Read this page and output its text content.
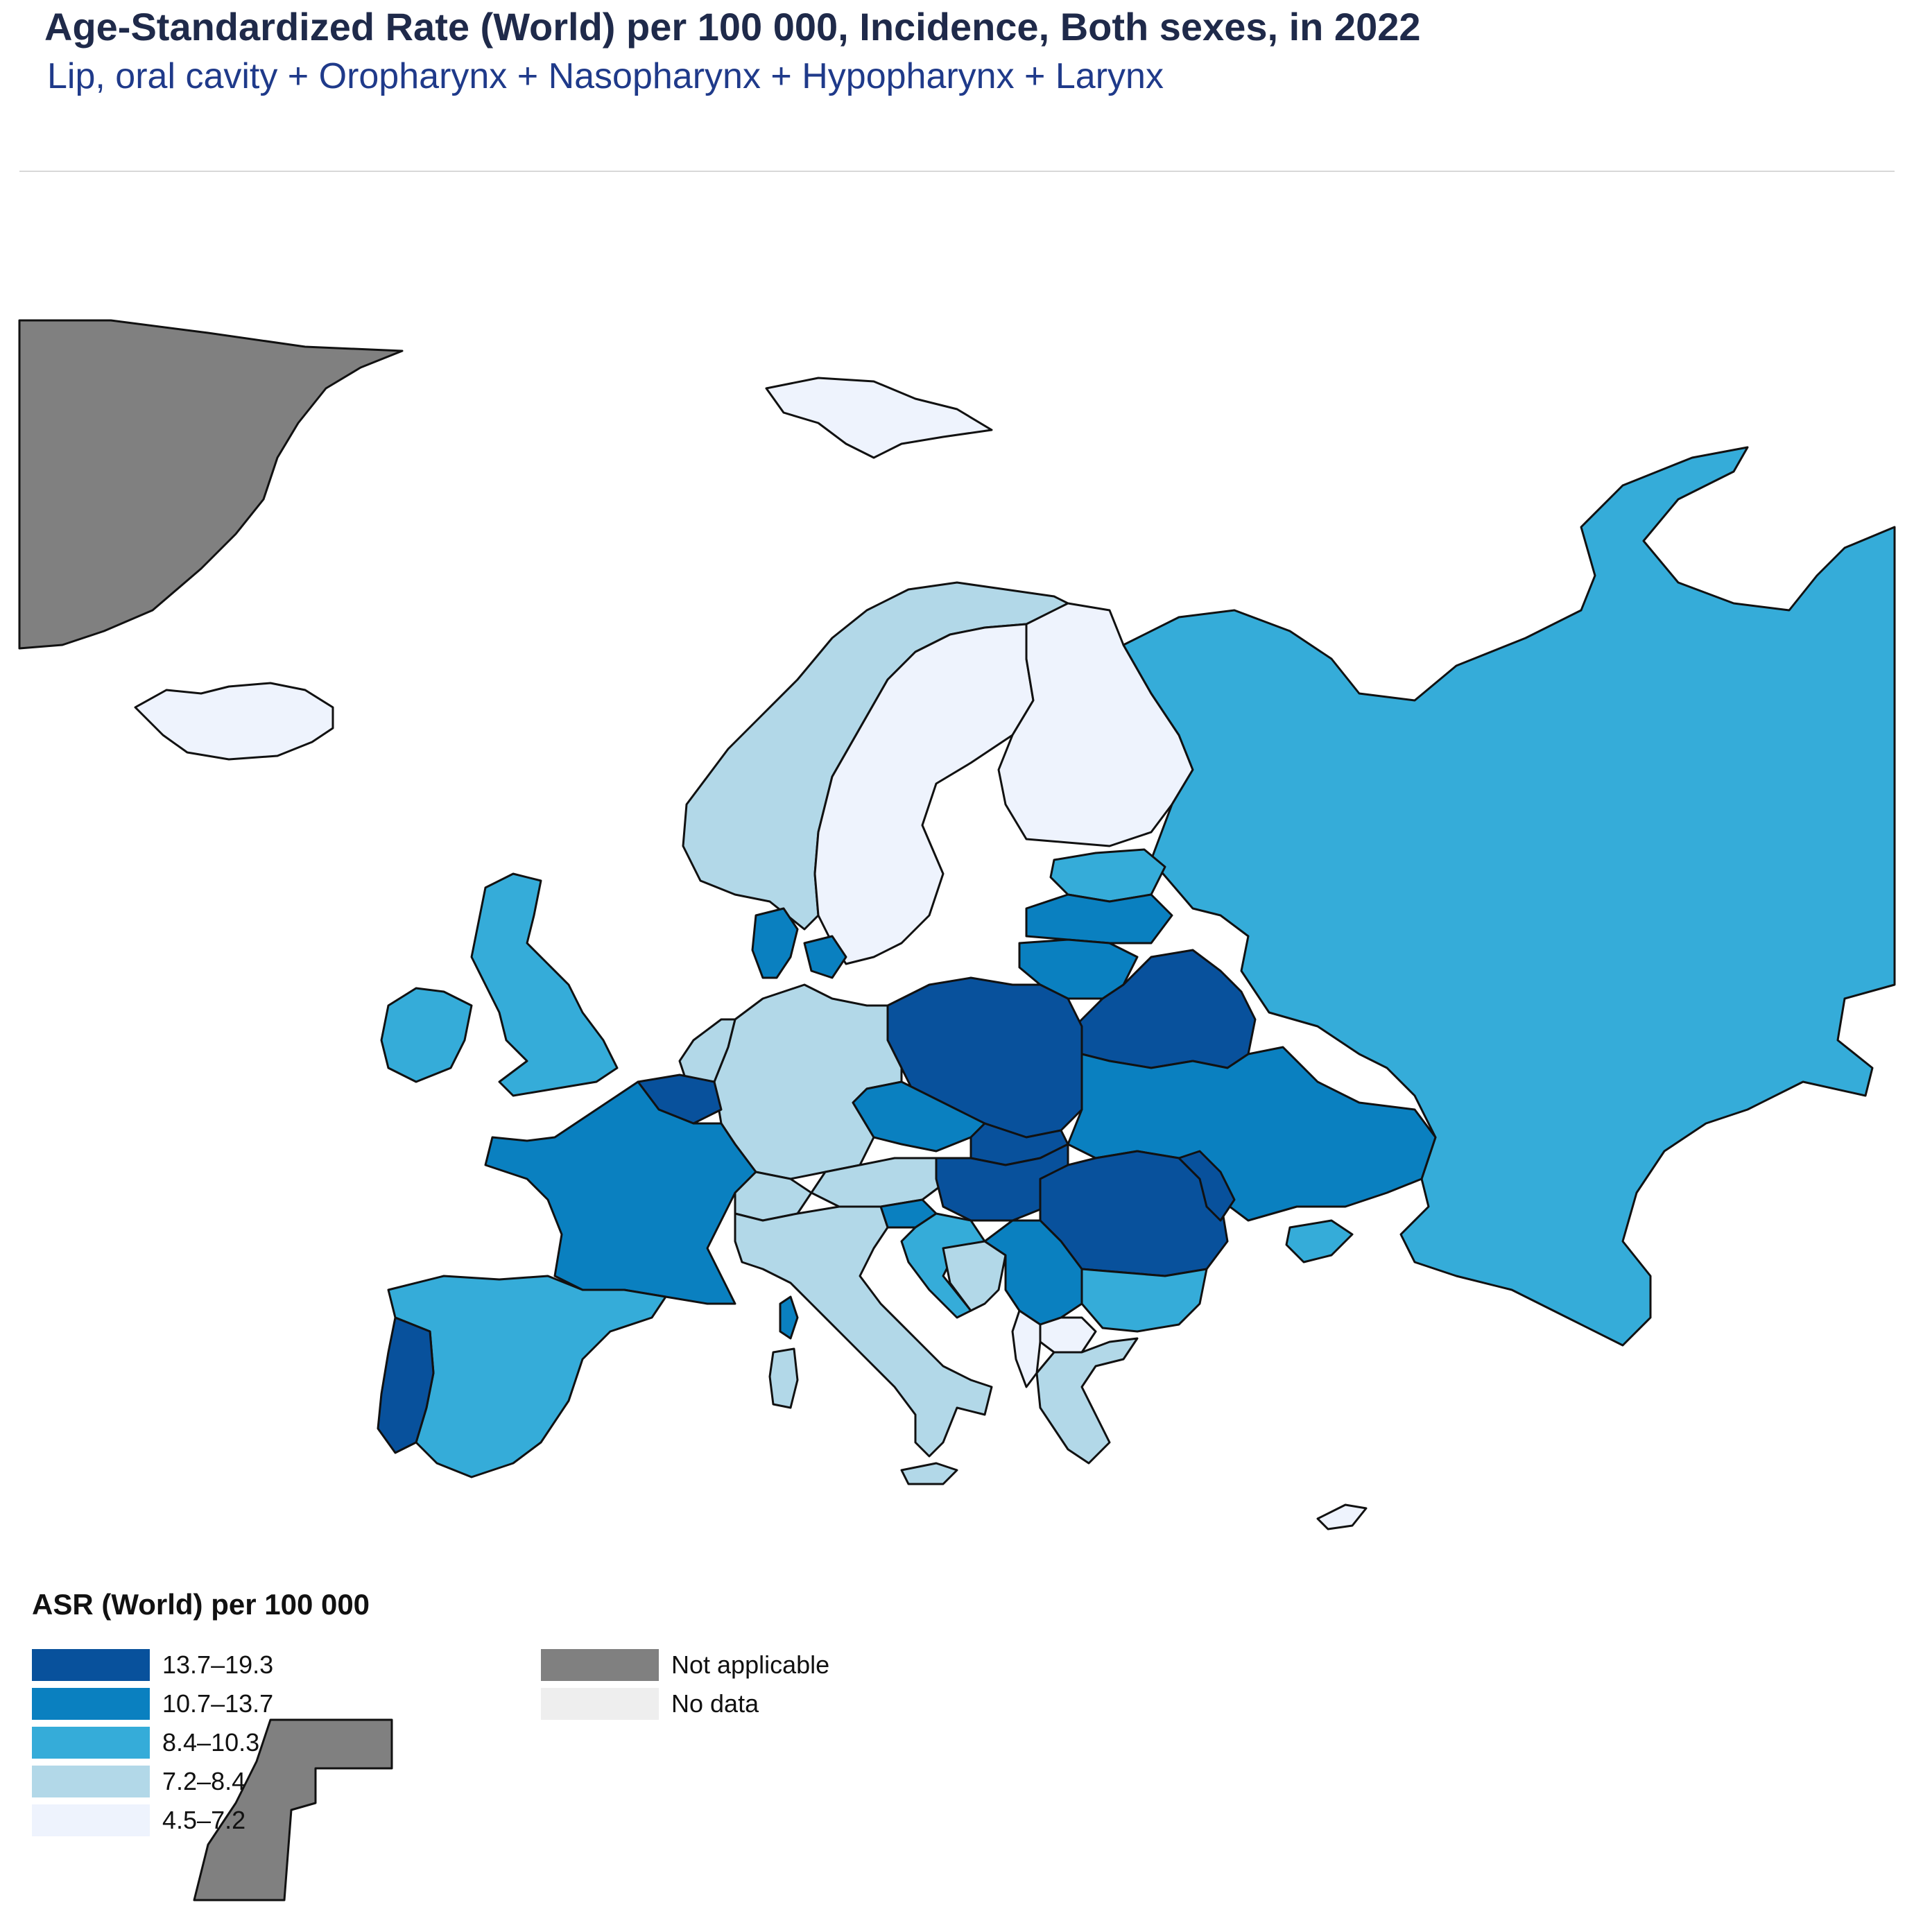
Age-Standardized Rate (World) per 100 000, Incidence, Both sexes, in 2022
Lip, oral cavity + Oropharynx + Nasopharynx + Hypopharynx + Larynx
ASR (World) per 100 000
13.7–19.3
10.7–13.7
8.4–10.3
7.2–8.4
4.5–7.2
Not applicable
No data
